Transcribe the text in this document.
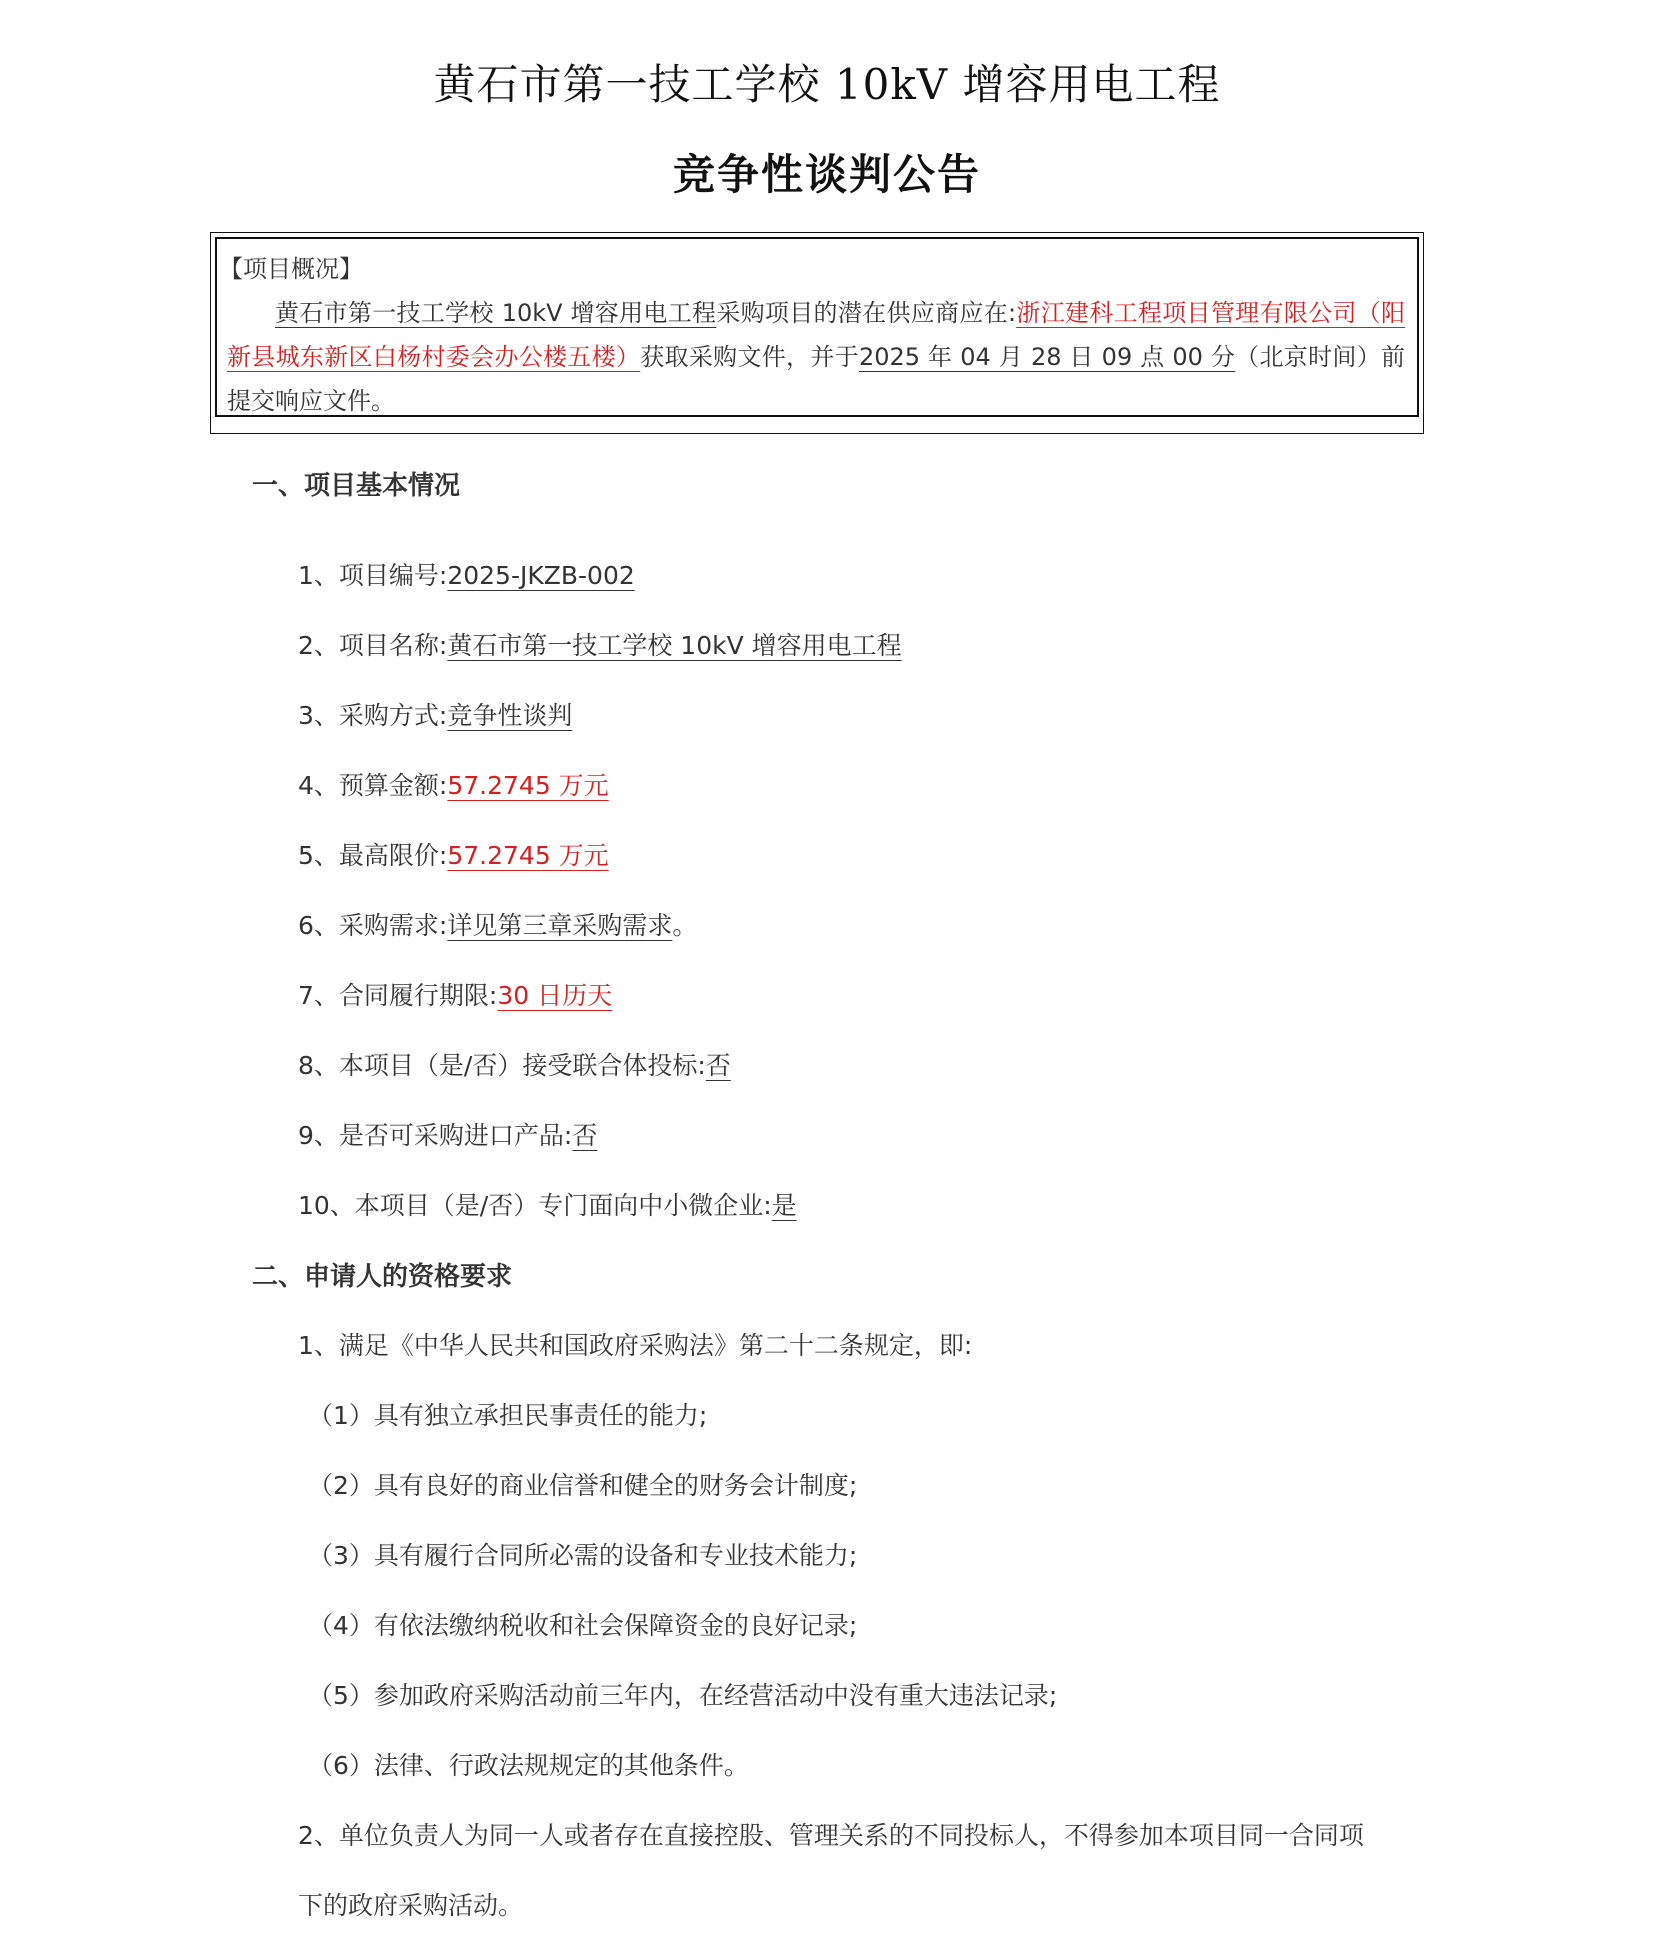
黄石市第一技工学校 10kV 增容用电工程
竞争性谈判公告
【项目概况】
黄石市第一技工学校 10kV 增容用电工程采购项目的潜在供应商应在:浙江建科工程项目管理有限公司（阳新县城东新区白杨村委会办公楼五楼）获取采购文件，并于2025 年 04 月 28 日 09 点 00 分（北京时间）前提交响应文件。
一、项目基本情况
1、项目编号:2025-JKZB-002
2、项目名称:黄石市第一技工学校 10kV 增容用电工程
3、采购方式:竞争性谈判
4、预算金额:57.2745 万元
5、最高限价:57.2745 万元
6、采购需求:详见第三章采购需求。
7、合同履行期限:30 日历天
8、本项目（是/否）接受联合体投标:否
9、是否可采购进口产品:否
10、本项目（是/否）专门面向中小微企业:是
二、申请人的资格要求
1、满足《中华人民共和国政府采购法》第二十二条规定，即:
（1）具有独立承担民事责任的能力;
（2）具有良好的商业信誉和健全的财务会计制度;
（3）具有履行合同所必需的设备和专业技术能力;
（4）有依法缴纳税收和社会保障资金的良好记录;
（5）参加政府采购活动前三年内，在经营活动中没有重大违法记录;
（6）法律、行政法规规定的其他条件。
2、单位负责人为同一人或者存在直接控股、管理关系的不同投标人，不得参加本项目同一合同项
下的政府采购活动。
